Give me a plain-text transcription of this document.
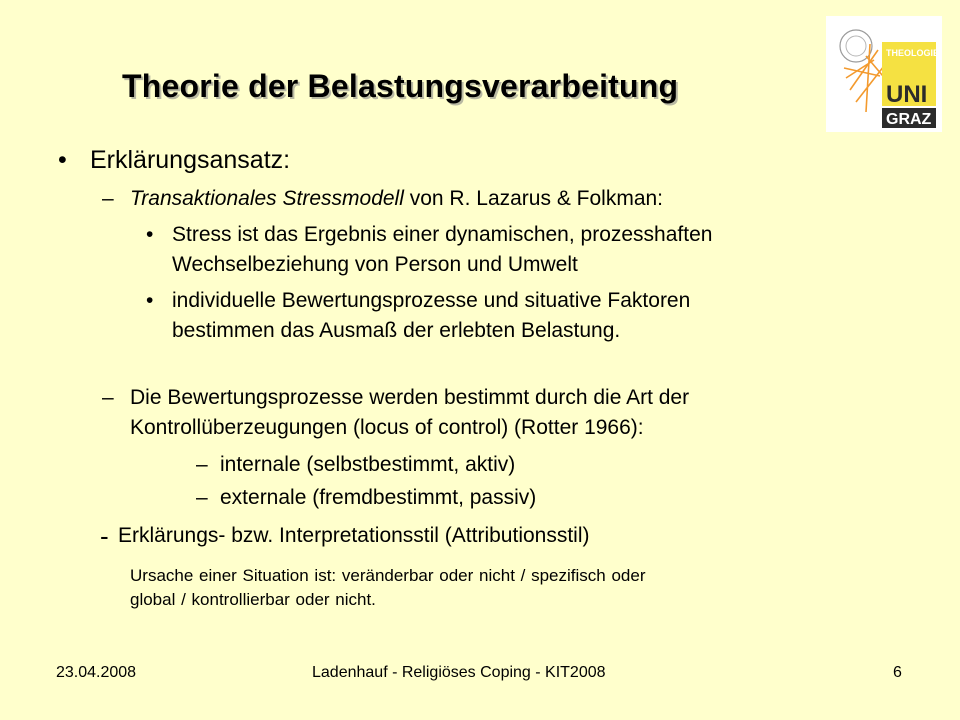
Theorie der Belastungsverarbeitung
THEOLOGIE
UNI
GRAZ
• Erklärungsansatz:
– Transaktionales Stressmodell von R. Lazarus & Folkman:
• Stress ist das Ergebnis einer dynamischen, prozesshaften
Wechselbeziehung von Person und Umwelt
• individuelle Bewertungsprozesse und situative Faktoren
bestimmen das Ausmaß der erlebten Belastung.
– Die Bewertungsprozesse werden bestimmt durch die Art der
Kontrollüberzeugungen (locus of control) (Rotter 1966):
– internale (selbstbestimmt, aktiv)
– externale (fremdbestimmt, passiv)
- Erklärungs- bzw. Interpretationsstil (Attributionsstil)
Ursache einer Situation ist: veränderbar oder nicht / spezifisch oder
global / kontrollierbar oder nicht.
23.04.2008	Ladenhauf - Religiöses Coping - KIT2008	6
